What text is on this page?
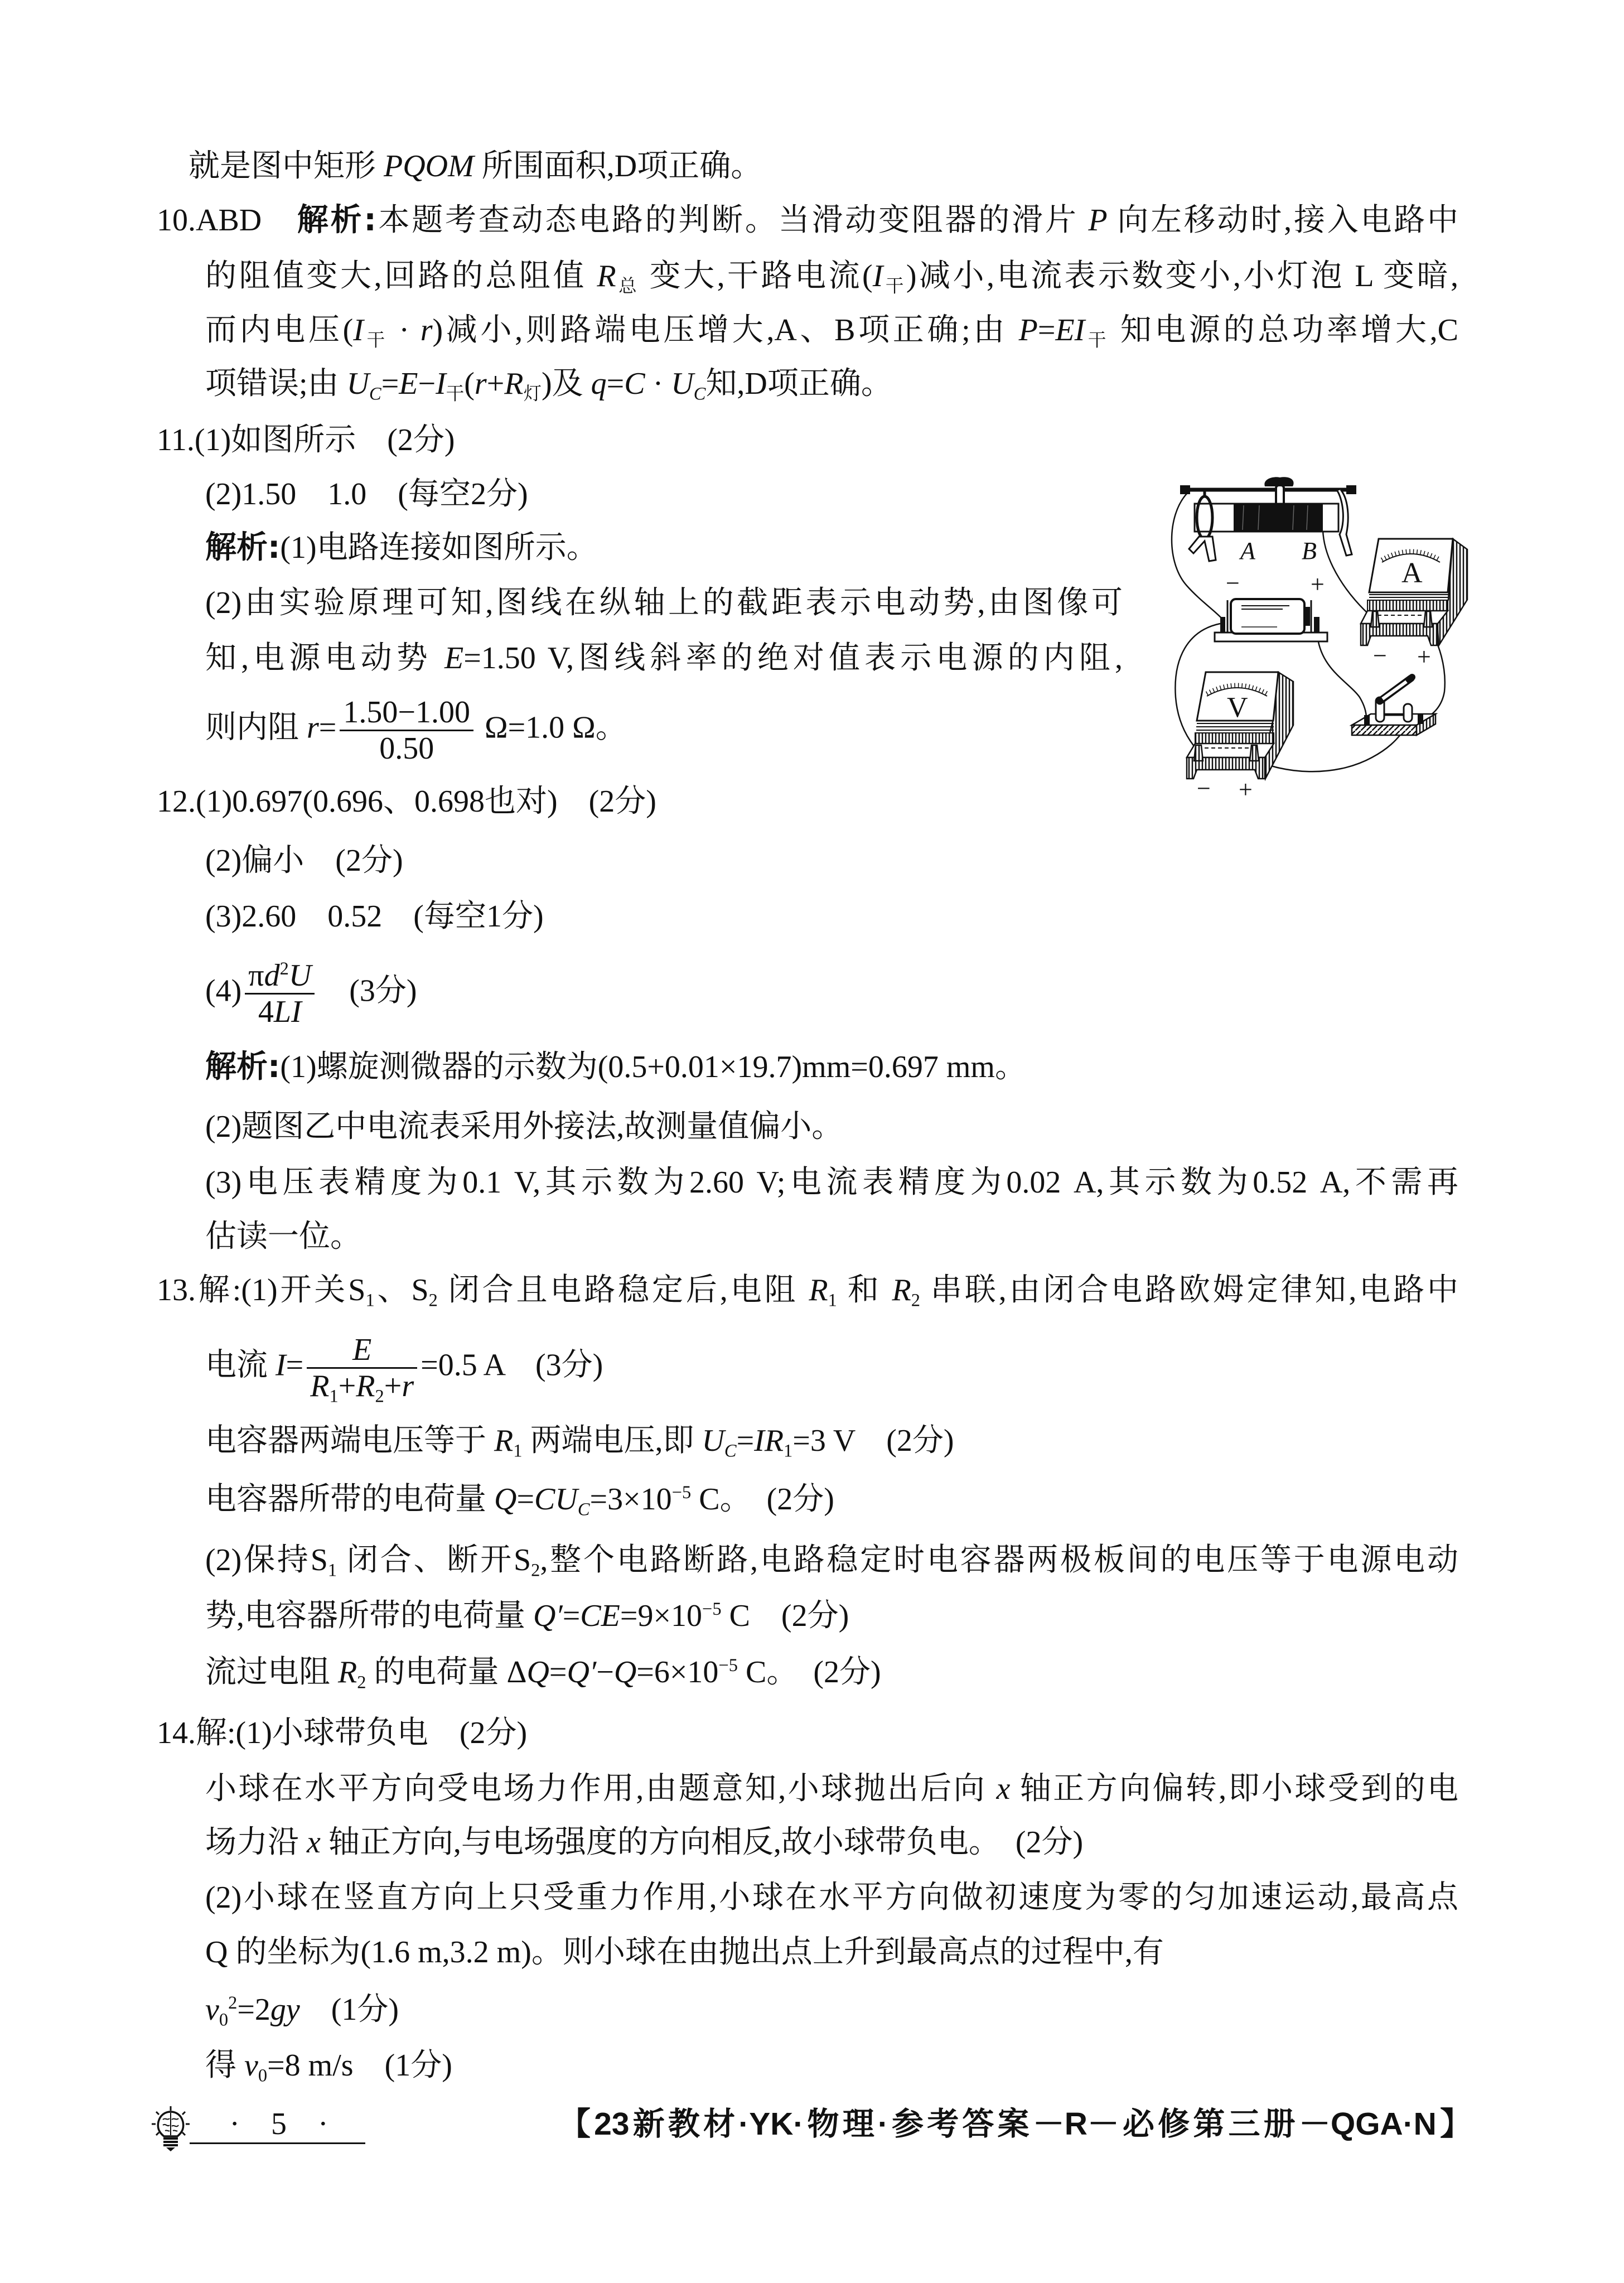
就是图中矩形 PQOM 所围面积,D项正确。
10.ABD　解析:本题考查动态电路的判断。当滑动变阻器的滑片 P 向左移动时,接入电路中
的阻值变大,回路的总阻值 $R_总$ 变大,干路电流$(I_干)$减小,电流表示数变小,小灯泡 L 变暗,
而内电压$(I_干 \cdot r)$减小,则路端电压增大,A、B项正确;由 $P=EI_干$ 知电源的总功率增大,C
项错误;由 $U_C=E-I_干(r+R_灯)$及 $q=C \cdot U_C$知,D项正确。
11.(1)如图所示　(2分)
(2)1.50　1.0　(每空2分)
解析:(1)电路连接如图所示。
(2)由实验原理可知,图线在纵轴上的截距表示电动势,由图像可
知,电源电动势 E=1.50 V,图线斜率的绝对值表示电源的内阻,
则内阻 $r= \frac{1.50-1.00}{0.50} \Omega=1.0$ Ω。
A B
−	+	A
− +
V
− +
12.(1)0.697(0.696、0.698也对)　(2分)
(2)偏小　(2分)
(3)2.60　0.52　(每空1分)
$(4) \frac{\pi d^2U}{4LI}$ 　(3分)
解析:(1)螺旋测微器的示数为(0.5+0.01×19.7)mm=0.697 mm。
(2)题图乙中电流表采用外接法,故测量值偏小。
(3)电压表精度为0.1 V,其示数为2.60 V;电流表精度为0.02 A,其示数为0.52 A,不需再
估读一位。
13.解:(1)开关$S_1$、$S_2$ 闭合且电路稳定后,电阻 $R_1$ 和 $R_2$ 串联,由闭合电路欧姆定律知,电路中
电流 $I= \frac{E}{R_1+R_2+r} =0.5$ A　(3分)
电容器两端电压等于 $R_1$ 两端电压,即 $U_C=IR_1=3$ V　(2分)
电容器所带的电荷量 $Q=CU_C=3\times 10^{-5}$ C。　(2分)
(2)保持$S_1$ 闭合、断开$S_2$,整个电路断路,电路稳定时电容器两极板间的电压等于电源电动
势,电容器所带的电荷量 $Q'=CE=9\times 10^{-5}$ C　(2分)
流过电阻 $R_2$ 的电荷量 $\Delta Q=Q'-Q=6\times 10^{-5}$ C。　(2分)
14.解:(1)小球带负电　(2分)
小球在水平方向受电场力作用,由题意知,小球抛出后向 x 轴正方向偏转,即小球受到的电
场力沿 x 轴正方向,与电场强度的方向相反,故小球带负电。　(2分)
(2)小球在竖直方向上只受重力作用,小球在水平方向做初速度为零的匀加速运动,最高点
Q 的坐标为(1.6 m,3.2 m)。则小球在由抛出点上升到最高点的过程中,有
$v_0^2=2gy$　(1分)
得 $v_0=8$ m/s　(1分)
· 5 ·	【23新教材·YK·物理·参考答案－R－必修第三册－QGA·N】
